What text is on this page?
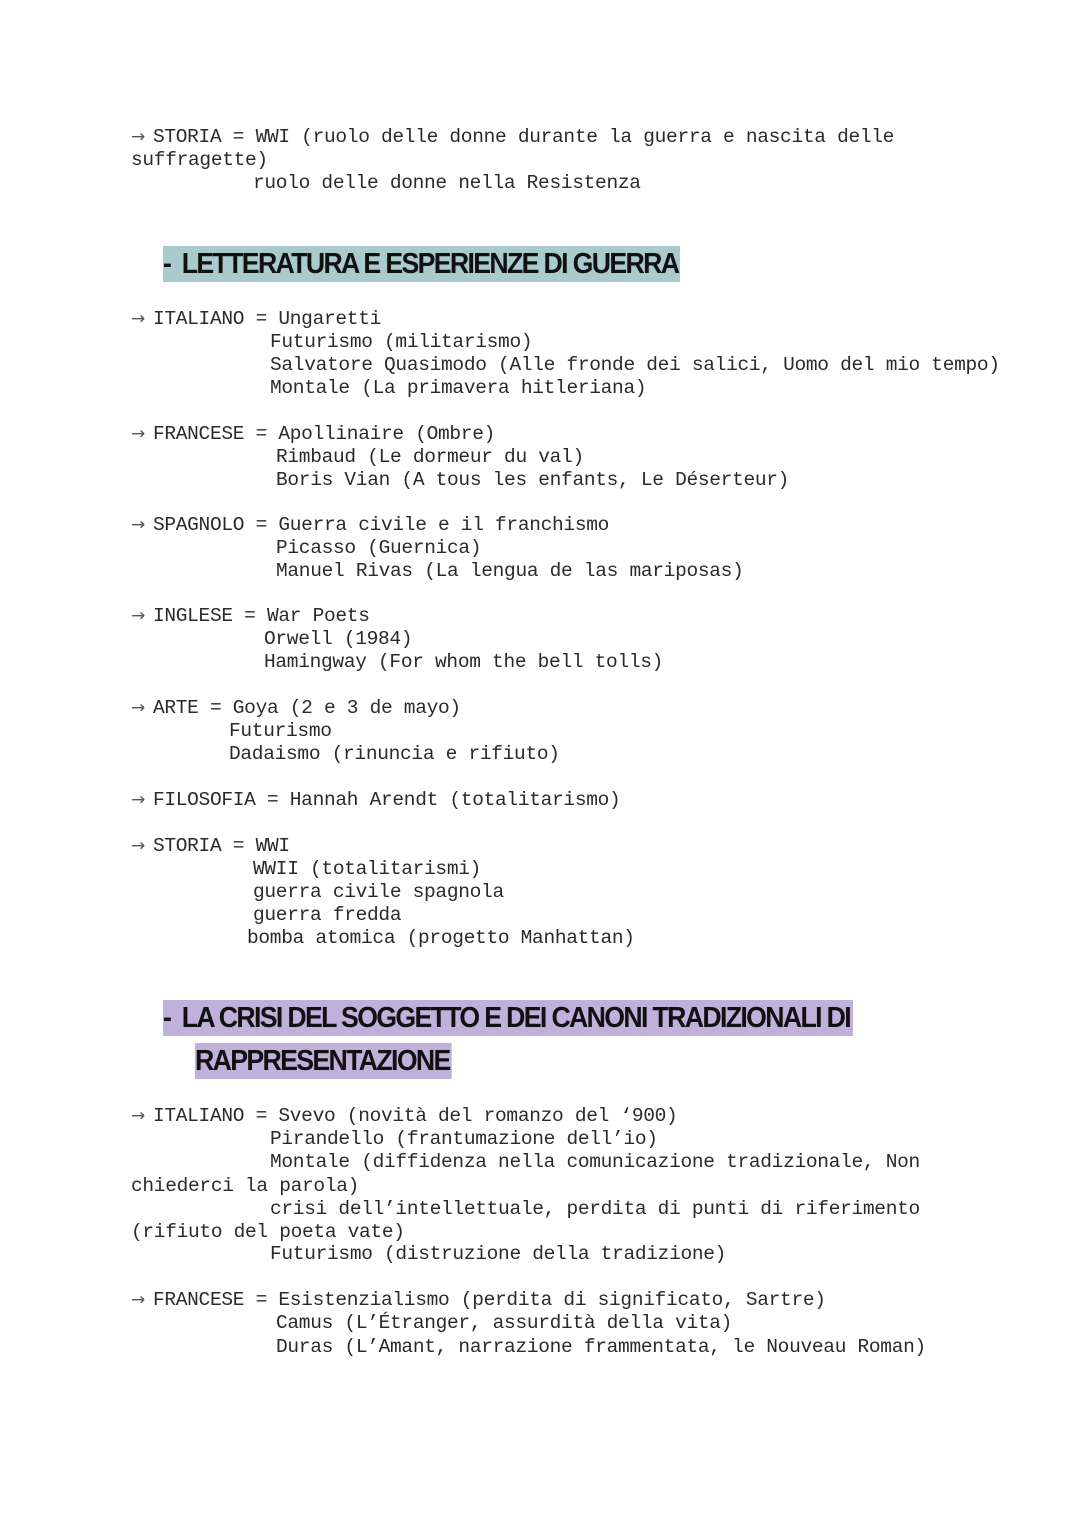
→ STORIA = WWI (ruolo delle donne durante la guerra e nascita delle
suffragette)
ruolo delle donne nella Resistenza
-  LETTERATURA E ESPERIENZE DI GUERRA
→ ITALIANO = Ungaretti
Futurismo (militarismo)
Salvatore Quasimodo (Alle fronde dei salici, Uomo del mio tempo)
Montale (La primavera hitleriana)
→ FRANCESE = Apollinaire (Ombre)
Rimbaud (Le dormeur du val)
Boris Vian (A tous les enfants, Le Déserteur)
→ SPAGNOLO = Guerra civile e il franchismo
Picasso (Guernica)
Manuel Rivas (La lengua de las mariposas)
→ INGLESE = War Poets
Orwell (1984)
Hamingway (For whom the bell tolls)
→ ARTE = Goya (2 e 3 de mayo)
Futurismo
Dadaismo (rinuncia e rifiuto)
→ FILOSOFIA = Hannah Arendt (totalitarismo)
→ STORIA = WWI
WWII (totalitarismi)
guerra civile spagnola
guerra fredda
bomba atomica (progetto Manhattan)
-  LA CRISI DEL SOGGETTO E DEI CANONI TRADIZIONALI DI
RAPPRESENTAZIONE
→ ITALIANO = Svevo (novità del romanzo del ‘900)
Pirandello (frantumazione dell’io)
Montale (diffidenza nella comunicazione tradizionale, Non
chiederci la parola)
crisi dell’intellettuale, perdita di punti di riferimento
(rifiuto del poeta vate)
Futurismo (distruzione della tradizione)
→ FRANCESE = Esistenzialismo (perdita di significato, Sartre)
Camus (L’Étranger, assurdità della vita)
Duras (L’Amant, narrazione frammentata, le Nouveau Roman)
